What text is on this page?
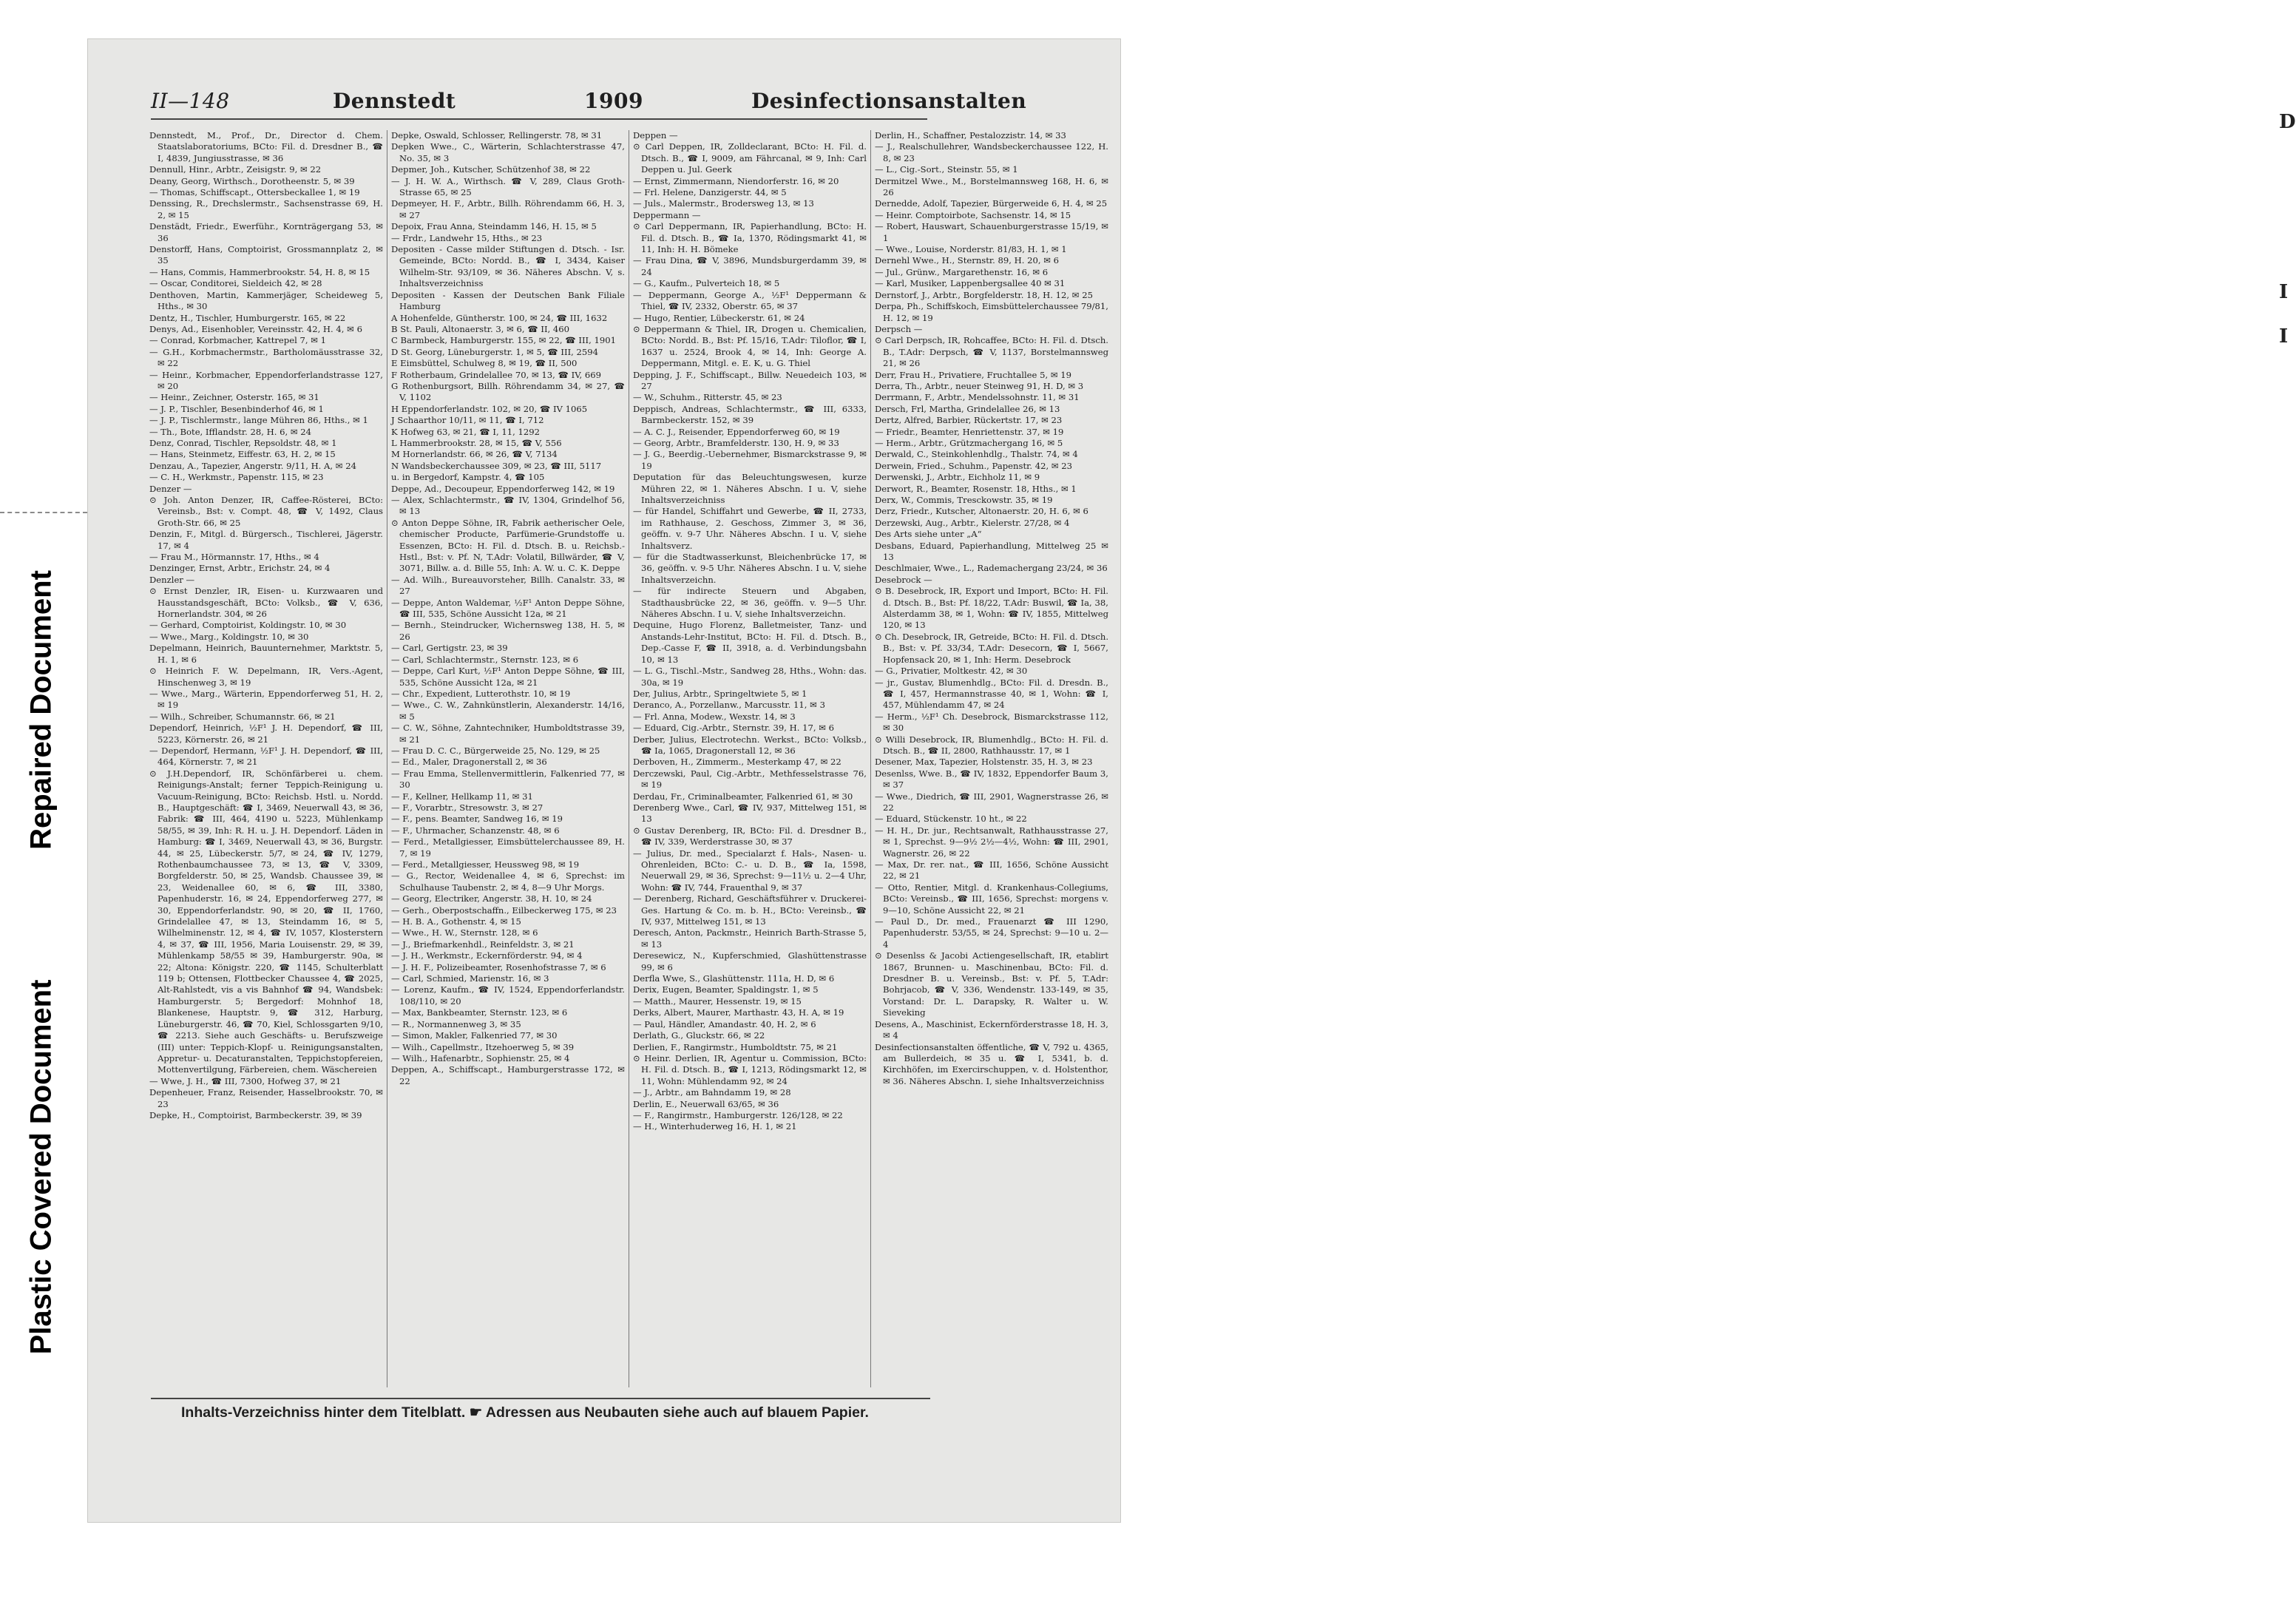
Repaired Document
Plastic Covered Document
II—148	Dennstedt	1909	Desinfectionsanstalten

Dennstedt, M., Prof., Dr., Director d. Chem. Staatslaboratoriums, BCto: Fil. d. Dresdner B., ☎ I, 4839, Jungiusstrasse, ✉ 36

Dennull, Hinr., Arbtr., Zeisigstr. 9, ✉ 22

Deany, Georg, Wirthsch., Dorotheenstr. 5, ✉ 39

— Thomas, Schiffscapt., Ottersbeckallee 1, ✉ 19

Denssing, R., Drechslermstr., Sachsenstrasse 69, H. 2, ✉ 15

Denstädt, Friedr., Ewerführ., Kornträgergang 53, ✉ 36

Denstorff, Hans, Comptoirist, Grossmannplatz 2, ✉ 35

— Hans, Commis, Hammerbrookstr. 54, H. 8, ✉ 15

— Oscar, Conditorei, Sieldeich 42, ✉ 28

Denthoven, Martin, Kammerjäger, Scheideweg 5, Hths., ✉ 30

Dentz, H., Tischler, Humburgerstr. 165, ✉ 22

Denys, Ad., Eisenhobler, Vereinsstr. 42, H. 4, ✉ 6

— Conrad, Korbmacher, Kattrepel 7, ✉ 1

— G.H., Korbmachermstr., Bartholomäusstrasse 32, ✉ 22

— Heinr., Korbmacher, Eppendorferlandstrasse 127, ✉ 20

— Heinr., Zeichner, Osterstr. 165, ✉ 31

— J. P., Tischler, Besenbinderhof 46, ✉ 1

— J. P., Tischlermstr., lange Mühren 86, Hths., ✉ 1

— Th., Bote, Ifflandstr. 28, H. 6, ✉ 24

Denz, Conrad, Tischler, Repsoldstr. 48, ✉ 1

— Hans, Steinmetz, Eiffestr. 63, H. 2, ✉ 15

Denzau, A., Tapezier, Angerstr. 9/11, H. A, ✉ 24

— C. H., Werkmstr., Papenstr. 115, ✉ 23

Denzer —

⊙ Joh. Anton Denzer, IR, Caffee-Rösterei, BCto: Vereinsb., Bst: v. Compt. 48, ☎ V, 1492, Claus Groth-Str. 66, ✉ 25

Denzin, F., Mitgl. d. Bürgersch., Tischlerei, Jägerstr. 17, ✉ 4

— Frau M., Hörmannstr. 17, Hths., ✉ 4

Denzinger, Ernst, Arbtr., Erichstr. 24, ✉ 4

Denzler —

⊙ Ernst Denzler, IR, Eisen- u. Kurzwaaren und Hausstandsgeschäft, BCto: Volksb., ☎ V, 636, Hornerlandstr. 304, ✉ 26

— Gerhard, Comptoirist, Koldingstr. 10, ✉ 30

— Wwe., Marg., Koldingstr. 10, ✉ 30

Depelmann, Heinrich, Bauunternehmer, Marktstr. 5, H. 1, ✉ 6

⊙ Heinrich F. W. Depelmann, IR, Vers.-Agent, Hinschenweg 3, ✉ 19

— Wwe., Marg., Wärterin, Eppendorferweg 51, H. 2, ✉ 19

— Wilh., Schreiber, Schumannstr. 66, ✉ 21

Dependorf, Heinrich, ½F¹ J. H. Dependorf, ☎ III, 5223, Körnerstr. 26, ✉ 21

— Dependorf, Hermann, ½F¹ J. H. Dependorf, ☎ III, 464, Körnerstr. 7, ✉ 21

⊙ J.H.Dependorf, IR, Schönfärberei u. chem. Reinigungs-Anstalt; ferner Teppich-Reinigung u. Vacuum-Reinigung, BCto: Reichsb. Hstl. u. Nordd. B., Hauptgeschäft: ☎ I, 3469, Neuerwall 43, ✉ 36, Fabrik: ☎ III, 464, 4190 u. 5223, Mühlenkamp 58/55, ✉ 39, Inh: R. H. u. J. H. Dependorf. Läden in Hamburg: ☎ I, 3469, Neuerwall 43, ✉ 36, Burgstr. 44, ✉ 25, Lübeckerstr. 5/7, ✉ 24, ☎ IV, 1279, Rothenbaumchaussee 73, ✉ 13, ☎ V, 3309, Borgfelderstr. 50, ✉ 25, Wandsb. Chaussee 39, ✉ 23, Weidenallee 60, ✉ 6, ☎ III, 3380, Papenhuderstr. 16, ✉ 24, Eppendorferweg 277, ✉ 30, Eppendorferlandstr. 90, ✉ 20, ☎ II, 1760, Grindelallee 47, ✉ 13, Steindamm 16, ✉ 5, Wilhelminenstr. 12, ✉ 4, ☎ IV, 1057, Klosterstern 4, ✉ 37, ☎ III, 1956, Maria Louisenstr. 29, ✉ 39, Mühlenkamp 58/55 ✉ 39, Hamburgerstr. 90a, ✉ 22; Altona: Königstr. 220, ☎ 1145, Schulterblatt 119 b; Ottensen, Flottbecker Chaussee 4, ☎ 2025, Alt-Rahlstedt, vis a vis Bahnhof ☎ 94, Wandsbek: Hamburgerstr. 5; Bergedorf: Mohnhof 18, Blankenese, Hauptstr. 9, ☎ 312, Harburg, Lüneburgerstr. 46, ☎ 70, Kiel, Schlossgarten 9/10, ☎ 2213. Siehe auch Geschäfts- u. Berufszweige (III) unter: Teppich-Klopf- u. Reinigungsanstalten, Appretur- u. Decaturanstalten, Teppichstopfereien, Mottenvertilgung, Färbereien, chem. Wäschereien

— Wwe, J. H., ☎ III, 7300, Hofweg 37, ✉ 21

Depenheuer, Franz, Reisender, Hasselbrookstr. 70, ✉ 23

Depke, H., Comptoirist, Barmbeckerstr. 39, ✉ 39

Depke, Oswald, Schlosser, Rellingerstr. 78, ✉ 31

Depken Wwe., C., Wärterin, Schlachterstrasse 47, No. 35, ✉ 3

Depmer, Joh., Kutscher, Schützenhof 38, ✉ 22

— J. H. W. A., Wirthsch. ☎ V, 289, Claus Groth-Strasse 65, ✉ 25

Depmeyer, H. F., Arbtr., Billh. Röhrendamm 66, H. 3, ✉ 27

Depoix, Frau Anna, Steindamm 146, H. 15, ✉ 5

— Frdr., Landwehr 15, Hths., ✉ 23

Depositen - Casse milder Stiftungen d. Dtsch. - Isr. Gemeinde, BCto: Nordd. B., ☎ I, 3434, Kaiser Wilhelm-Str. 93/109, ✉ 36. Näheres Abschn. V, s. Inhaltsverzeichniss

Depositen - Kassen der Deutschen Bank Filiale Hamburg

A Hohenfelde, Güntherstr. 100, ✉ 24, ☎ III, 1632

B St. Pauli, Altonaerstr. 3, ✉ 6, ☎ II, 460

C Barmbeck, Hamburgerstr. 155, ✉ 22, ☎ III, 1901

D St. Georg, Lüneburgerstr. 1, ✉ 5, ☎ III, 2594

E Eimsbüttel, Schulweg 8, ✉ 19, ☎ II, 500

F Rotherbaum, Grindelallee 70, ✉ 13, ☎ IV, 669

G Rothenburgsort, Billh. Röhrendamm 34, ✉ 27, ☎ V, 1102

H Eppendorferlandstr. 102, ✉ 20, ☎ IV 1065

J Schaarthor 10/11, ✉ 11, ☎ I, 712

K Hofweg 63, ✉ 21, ☎ I, 11, 1292

L Hammerbrookstr. 28, ✉ 15, ☎ V, 556

M Hornerlandstr. 66, ✉ 26, ☎ V, 7134

N Wandsbeckerchaussee 309, ✉ 23, ☎ III, 5117

u. in Bergedorf, Kampstr. 4, ☎ 105

Deppe, Ad., Decoupeur, Eppendorferweg 142, ✉ 19

— Alex, Schlachtermstr., ☎ IV, 1304, Grindelhof 56, ✉ 13

⊙ Anton Deppe Söhne, IR, Fabrik aetherischer Oele, chemischer Producte, Parfümerie-Grundstoffe u. Essenzen, BCto: H. Fil. d. Dtsch. B. u. Reichsb.-Hstl., Bst: v. Pf. N, T.Adr: Volatil, Billwärder, ☎ V, 3071, Billw. a. d. Bille 55, Inh: A. W. u. C. K. Deppe

— Ad. Wilh., Bureauvorsteher, Billh. Canalstr. 33, ✉ 27

— Deppe, Anton Waldemar, ½F¹ Anton Deppe Söhne, ☎ III, 535, Schöne Aussicht 12a, ✉ 21

— Bernh., Steindrucker, Wichernsweg 138, H. 5, ✉ 26

— Carl, Gertigstr. 23, ✉ 39

— Carl, Schlachtermstr., Sternstr. 123, ✉ 6

— Deppe, Carl Kurt, ½F¹ Anton Deppe Söhne, ☎ III, 535, Schöne Aussicht 12a, ✉ 21

— Chr., Expedient, Lutterothstr. 10, ✉ 19

— Wwe., C. W., Zahnkünstlerin, Alexanderstr. 14/16, ✉ 5

— C. W., Söhne, Zahntechniker, Humboldtstrasse 39, ✉ 21

— Frau D. C. C., Bürgerweide 25, No. 129, ✉ 25

— Ed., Maler, Dragonerstall 2, ✉ 36

— Frau Emma, Stellenvermittlerin, Falkenried 77, ✉ 30

— F., Kellner, Hellkamp 11, ✉ 31

— F., Vorarbtr., Stresowstr. 3, ✉ 27

— F., pens. Beamter, Sandweg 16, ✉ 19

— F., Uhrmacher, Schanzenstr. 48, ✉ 6

— Ferd., Metallgiesser, Eimsbüttelerchaussee 89, H. 7, ✉ 19

— Ferd., Metallgiesser, Heussweg 98, ✉ 19

— G., Rector, Weidenallee 4, ✉ 6, Sprechst: im Schulhause Taubenstr. 2, ✉ 4, 8—9 Uhr Morgs.

— Georg, Electriker, Angerstr. 38, H. 10, ✉ 24

— Gerh., Oberpostschaffn., Eilbeckerweg 175, ✉ 23

— H. B. A., Gothenstr. 4, ✉ 15

— Wwe., H. W., Sternstr. 128, ✉ 6

— J., Briefmarkenhdl., Reinfeldstr. 3, ✉ 21

— J. H., Werkmstr., Eckernförderstr. 94, ✉ 4

— J. H. F., Polizeibeamter, Rosenhofstrasse 7, ✉ 6

— Carl, Schmied, Marienstr. 16, ✉ 3

— Lorenz, Kaufm., ☎ IV, 1524, Eppendorferlandstr. 108/110, ✉ 20

— Max, Bankbeamter, Sternstr. 123, ✉ 6

— R., Normannenweg 3, ✉ 35

— Simon, Makler, Falkenried 77, ✉ 30

— Wilh., Capellmstr., Itzehoerweg 5, ✉ 39

— Wilh., Hafenarbtr., Sophienstr. 25, ✉ 4

Deppen, A., Schiffscapt., Hamburgerstrasse 172, ✉ 22

Deppen —

⊙ Carl Deppen, IR, Zolldeclarant, BCto: H. Fil. d. Dtsch. B., ☎ I, 9009, am Fährcanal, ✉ 9, Inh: Carl Deppen u. Jul. Geerk

— Ernst, Zimmermann, Niendorferstr. 16, ✉ 20

— Frl. Helene, Danzigerstr. 44, ✉ 5

— Juls., Malermstr., Brodersweg 13, ✉ 13

Deppermann —

⊙ Carl Deppermann, IR, Papierhandlung, BCto: H. Fil. d. Dtsch. B., ☎ Ia, 1370, Rödingsmarkt 41, ✉ 11, Inh: H. H. Bömeke

— Frau Dina, ☎ V, 3896, Mundsburgerdamm 39, ✉ 24

— G., Kaufm., Pulverteich 18, ✉ 5

— Deppermann, George A., ½F¹ Deppermann & Thiel, ☎ IV, 2332, Oberstr. 65, ✉ 37

— Hugo, Rentier, Lübeckerstr. 61, ✉ 24

⊙ Deppermann & Thiel, IR, Drogen u. Chemicalien, BCto: Nordd. B., Bst: Pf. 15/16, T.Adr: Tiloflor, ☎ I, 1637 u. 2524, Brook 4, ✉ 14, Inh: George A. Deppermann, Mitgl. e. E. K, u. G. Thiel

Depping, J. F., Schiffscapt., Billw. Neuedeich 103, ✉ 27

— W., Schuhm., Ritterstr. 45, ✉ 23

Deppisch, Andreas, Schlachtermstr., ☎ III, 6333, Barmbeckerstr. 152, ✉ 39

— A. C. J., Reisender, Eppendorferweg 60, ✉ 19

— Georg, Arbtr., Bramfelderstr. 130, H. 9, ✉ 33

— J. G., Beerdig.-Uebernehmer, Bismarckstrasse 9, ✉ 19

Deputation für das Beleuchtungswesen, kurze Mühren 22, ✉ 1. Näheres Abschn. I u. V, siehe Inhaltsverzeichniss

— für Handel, Schiffahrt und Gewerbe, ☎ II, 2733, im Rathhause, 2. Geschoss, Zimmer 3, ✉ 36, geöffn. v. 9-7 Uhr. Näheres Abschn. I u. V, siehe Inhaltsverz.

— für die Stadtwasserkunst, Bleichenbrücke 17, ✉ 36, geöffn. v. 9-5 Uhr. Näheres Abschn. I u. V, siehe Inhaltsverzeichn.

— für indirecte Steuern und Abgaben, Stadthausbrücke 22, ✉ 36, geöffn. v. 9—5 Uhr. Näheres Abschn. I u. V, siehe Inhaltsverzeichn.

Dequine, Hugo Florenz, Balletmeister, Tanz- und Anstands-Lehr-Institut, BCto: H. Fil. d. Dtsch. B., Dep.-Casse F, ☎ II, 3918, a. d. Verbindungsbahn 10, ✉ 13

— L. G., Tischl.-Mstr., Sandweg 28, Hths., Wohn: das. 30a, ✉ 19

Der, Julius, Arbtr., Springeltwiete 5, ✉ 1

Deranco, A., Porzellanw., Marcusstr. 11, ✉ 3

— Frl. Anna, Modew., Wexstr. 14, ✉ 3

— Eduard, Cig.-Arbtr., Sternstr. 39, H. 17, ✉ 6

Derber, Julius, Electrotechn. Werkst., BCto: Volksb., ☎ Ia, 1065, Dragonerstall 12, ✉ 36

Derboven, H., Zimmerm., Mesterkamp 47, ✉ 22

Derczewski, Paul, Cig.-Arbtr., Methfesselstrasse 76, ✉ 19

Derdau, Fr., Criminalbeamter, Falkenried 61, ✉ 30

Derenberg Wwe., Carl, ☎ IV, 937, Mittelweg 151, ✉ 13

⊙ Gustav Derenberg, IR, BCto: Fil. d. Dresdner B., ☎ IV, 339, Werderstrasse 30, ✉ 37

— Julius, Dr. med., Specialarzt f. Hals-, Nasen- u. Ohrenleiden, BCto: C.- u. D. B., ☎ Ia, 1598, Neuerwall 29, ✉ 36, Sprechst: 9—11½ u. 2—4 Uhr, Wohn: ☎ IV, 744, Frauenthal 9, ✉ 37

— Derenberg, Richard, Geschäftsführer v. Druckerei-Ges. Hartung & Co. m. b. H., BCto: Vereinsb., ☎ IV, 937, Mittelweg 151, ✉ 13

Deresch, Anton, Packmstr., Heinrich Barth-Strasse 5, ✉ 13

Deresewicz, N., Kupferschmied, Glashüttenstrasse 99, ✉ 6

Derfla Wwe, S., Glashüttenstr. 111a, H. D, ✉ 6

Derix, Eugen, Beamter, Spaldingstr. 1, ✉ 5

— Matth., Maurer, Hessenstr. 19, ✉ 15

Derks, Albert, Maurer, Marthastr. 43, H. A, ✉ 19

— Paul, Händler, Amandastr. 40, H. 2, ✉ 6

Derlath, G., Gluckstr. 66, ✉ 22

Derlien, F., Rangirmstr., Humboldtstr. 75, ✉ 21

⊙ Heinr. Derlien, IR, Agentur u. Commission, BCto: H. Fil. d. Dtsch. B., ☎ I, 1213, Rödingsmarkt 12, ✉ 11, Wohn: Mühlendamm 92, ✉ 24

— J., Arbtr., am Bahndamm 19, ✉ 28

Derlin, E., Neuerwall 63/65, ✉ 36

— F., Rangirmstr., Hamburgerstr. 126/128, ✉ 22

— H., Winterhuderweg 16, H. 1, ✉ 21

Derlin, H., Schaffner, Pestalozzistr. 14, ✉ 33

— J., Realschullehrer, Wandsbeckerchaussee 122, H. 8, ✉ 23

— L., Cig.-Sort., Steinstr. 55, ✉ 1

Dermitzel Wwe., M., Borstelmannsweg 168, H. 6, ✉ 26

Dernedde, Adolf, Tapezier, Bürgerweide 6, H. 4, ✉ 25

— Heinr. Comptoirbote, Sachsenstr. 14, ✉ 15

— Robert, Hauswart, Schauenburgerstrasse 15/19, ✉ 1

— Wwe., Louise, Norderstr. 81/83, H. 1, ✉ 1

Dernehl Wwe., H., Sternstr. 89, H. 20, ✉ 6

— Jul., Grünw., Margarethenstr. 16, ✉ 6

— Karl, Musiker, Lappenbergsallee 40 ✉ 31

Dernstorf, J., Arbtr., Borgfelderstr. 18, H. 12, ✉ 25

Derpa, Ph., Schiffskoch, Eimsbüttelerchaussee 79/81, H. 12, ✉ 19

Derpsch —

⊙ Carl Derpsch, IR, Rohcaffee, BCto: H. Fil. d. Dtsch. B., T.Adr: Derpsch, ☎ V, 1137, Borstelmannsweg 21, ✉ 26

Derr, Frau H., Privatiere, Fruchtallee 5, ✉ 19

Derra, Th., Arbtr., neuer Steinweg 91, H. D, ✉ 3

Derrmann, F., Arbtr., Mendelssohnstr. 11, ✉ 31

Dersch, Frl, Martha, Grindelallee 26, ✉ 13

Dertz, Alfred, Barbier, Rückertstr. 17, ✉ 23

— Friedr., Beamter, Henriettenstr. 37, ✉ 19

— Herm., Arbtr., Grützmachergang 16, ✉ 5

Derwald, C., Steinkohlenhdlg., Thalstr. 74, ✉ 4

Derwein, Fried., Schuhm., Papenstr. 42, ✉ 23

Derwenski, J., Arbtr., Eichholz 11, ✉ 9

Derwort, R., Beamter, Rosenstr. 18, Hths., ✉ 1

Derx, W., Commis, Tresckowstr. 35, ✉ 19

Derz, Friedr., Kutscher, Altonaerstr. 20, H. 6, ✉ 6

Derzewski, Aug., Arbtr., Kielerstr. 27/28, ✉ 4

Des Arts siehe unter „A“

Desbans, Eduard, Papierhandlung, Mittelweg 25 ✉ 13

Deschlmaier, Wwe., L., Rademachergang 23/24, ✉ 36

Desebrock —

⊙ B. Desebrock, IR, Export und Import, BCto: H. Fil. d. Dtsch. B., Bst: Pf. 18/22, T.Adr: Buswil, ☎ Ia, 38, Alsterdamm 38, ✉ 1, Wohn: ☎ IV, 1855, Mittelweg 120, ✉ 13

⊙ Ch. Desebrock, IR, Getreide, BCto: H. Fil. d. Dtsch. B., Bst: v. Pf. 33/34, T.Adr: Desecorn, ☎ I, 5667, Hopfensack 20, ✉ 1, Inh: Herm. Desebrock

— G., Privatier, Moltkestr. 42, ✉ 30

— jr., Gustav, Blumenhdlg., BCto: Fil. d. Dresdn. B., ☎ I, 457, Hermannstrasse 40, ✉ 1, Wohn: ☎ I, 457, Mühlendamm 47, ✉ 24

— Herm., ½F¹ Ch. Desebrock, Bismarckstrasse 112, ✉ 30

⊙ Willi Desebrock, IR, Blumenhdlg., BCto: H. Fil. d. Dtsch. B., ☎ II, 2800, Rathhausstr. 17, ✉ 1

Desener, Max, Tapezier, Holstenstr. 35, H. 3, ✉ 23

Desenlss, Wwe. B., ☎ IV, 1832, Eppendorfer Baum 3, ✉ 37

— Wwe., Diedrich, ☎ III, 2901, Wagnerstrasse 26, ✉ 22

— Eduard, Stückenstr. 10 ht., ✉ 22

— H. H., Dr. jur., Rechtsanwalt, Rathhausstrasse 27, ✉ 1, Sprechst. 9—9½ 2½—4½, Wohn: ☎ III, 2901, Wagnerstr. 26, ✉ 22

— Max, Dr. rer. nat., ☎ III, 1656, Schöne Aussicht 22, ✉ 21

— Otto, Rentier, Mitgl. d. Krankenhaus-Collegiums, BCto: Vereinsb., ☎ III, 1656, Sprechst: morgens v. 9—10, Schöne Aussicht 22, ✉ 21

— Paul D., Dr. med., Frauenarzt ☎ III 1290, Papenhuderstr. 53/55, ✉ 24, Sprechst: 9—10 u. 2—4

⊙ Desenlss & Jacobi Actiengesellschaft, IR, etablirt 1867, Brunnen- u. Maschinenbau, BCto: Fil. d. Dresdner B. u. Vereinsb., Bst: v. Pf. 5, T.Adr: Bohrjacob, ☎ V, 336, Wendenstr. 133-149, ✉ 35, Vorstand: Dr. L. Darapsky, R. Walter u. W. Sieveking

Desens, A., Maschinist, Eckernförderstrasse 18, H. 3, ✉ 4

Desinfectionsanstalten öffentliche, ☎ V, 792 u. 4365, am Bullerdeich, ✉ 35 u. ☎ I, 5341, b. d. Kirchhöfen, im Exercirschuppen, v. d. Holstenthor, ✉ 36. Näheres Abschn. I, siehe Inhaltsverzeichniss

Inhalts-Verzeichniss hinter dem Titelblatt. ☛ Adressen aus Neubauten siehe auch auf blauem Papier.
D
I
I
